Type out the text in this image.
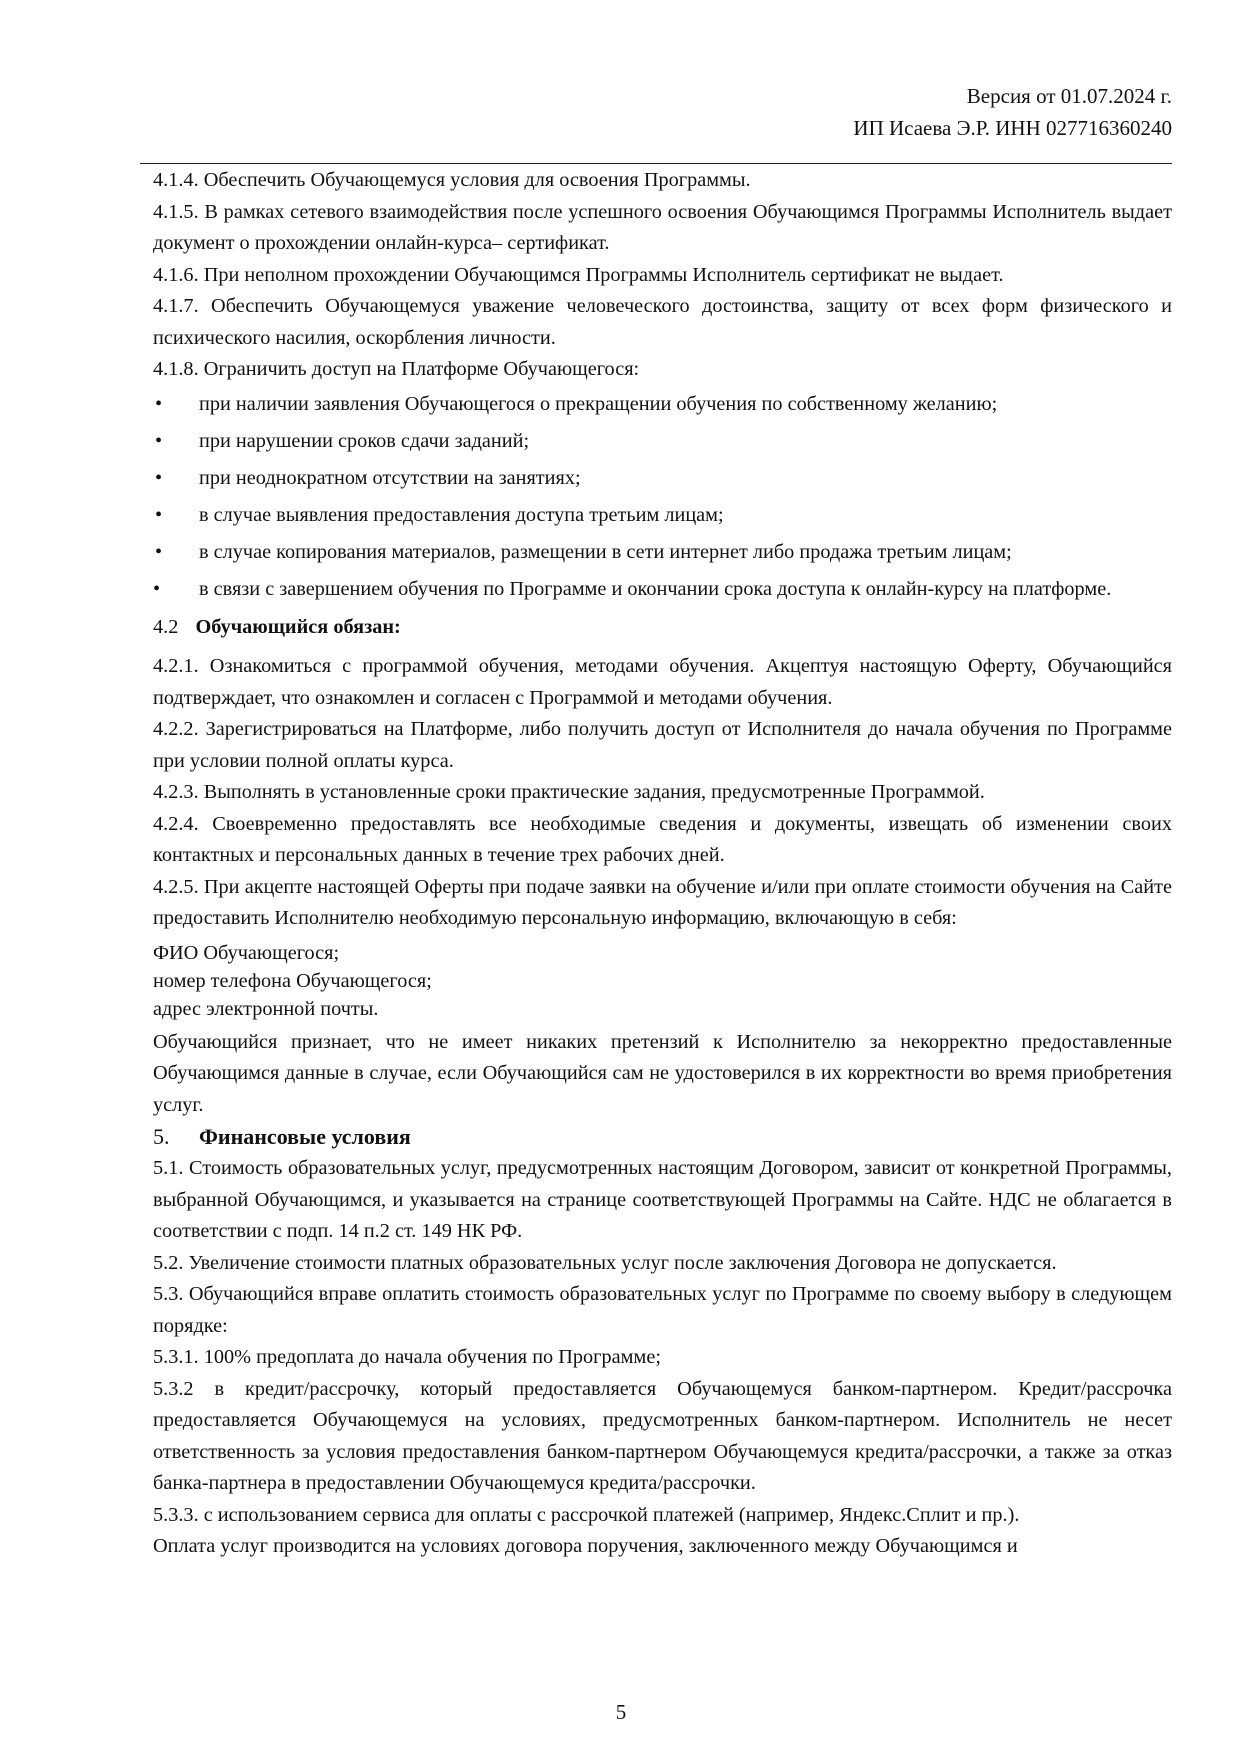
Версия от 01.07.2024 г.
ИП Исаева Э.Р. ИНН 027716360240

4.1.4. Обеспечить Обучающемуся условия для освоения Программы.

4.1.5. В рамках сетевого взаимодействия после успешного освоения Обучающимся Программы Исполнитель выдает документ о прохождении онлайн-курса– сертификат.

4.1.6. При неполном прохождении Обучающимся Программы Исполнитель сертификат не выдает.

4.1.7. Обеспечить Обучающемуся уважение человеческого достоинства, защиту от всех форм физического и психического насилия, оскорбления личности.

4.1.8. Ограничить доступ на Платформе Обучающегося:

• при наличии заявления Обучающегося о прекращении обучения по собственному желанию;
• при нарушении сроков сдачи заданий;
• при неоднократном отсутствии на занятиях;
• в случае выявления предоставления доступа третьим лицам;
• в случае копирования материалов, размещении в сети интернет либо продажа третьим лицам;
• в связи с завершением обучения по Программе и окончании срока доступа к онлайн-курсу на платформе.

4.2 Обучающийся обязан:

4.2.1. Ознакомиться с программой обучения, методами обучения. Акцептуя настоящую Оферту, Обучающийся подтверждает, что ознакомлен и согласен с Программой и методами обучения.

4.2.2. Зарегистрироваться на Платформе, либо получить доступ от Исполнителя до начала обучения по Программе при условии полной оплаты курса.

4.2.3. Выполнять в установленные сроки практические задания, предусмотренные Программой.

4.2.4. Своевременно предоставлять все необходимые сведения и документы, извещать об изменении своих контактных и персональных данных в течение трех рабочих дней.

4.2.5. При акцепте настоящей Оферты при подаче заявки на обучение и/или при оплате стоимости обучения на Сайте предоставить Исполнителю необходимую персональную информацию, включающую в себя:

ФИО Обучающегося;

номер телефона Обучающегося;

адрес электронной почты.

Обучающийся признает, что не имеет никаких претензий к Исполнителю за некорректно предоставленные Обучающимся данные в случае, если Обучающийся сам не удостоверился в их корректности во время приобретения услуг.

5. Финансовые условия

5.1. Стоимость образовательных услуг, предусмотренных настоящим Договором, зависит от конкретной Программы, выбранной Обучающимся, и указывается на странице соответствующей Программы на Сайте. НДС не облагается в соответствии с подп. 14 п.2 ст. 149 НК РФ.

5.2. Увеличение стоимости платных образовательных услуг после заключения Договора не допускается.

5.3. Обучающийся вправе оплатить стоимость образовательных услуг по Программе по своему выбору в следующем порядке:

5.3.1. 100% предоплата до начала обучения по Программе;

5.3.2 в кредит/рассрочку, который предоставляется Обучающемуся банком-партнером. Кредит/рассрочка предоставляется Обучающемуся на условиях, предусмотренных банком-партнером. Исполнитель не несет ответственность за условия предоставления банком-партнером Обучающемуся кредита/рассрочки, а также за отказ банка-партнера в предоставлении Обучающемуся кредита/рассрочки.

5.3.3. с использованием сервиса для оплаты с рассрочкой платежей (например, Яндекс.Сплит и пр.).

Оплата услуг производится на условиях договора поручения, заключенного между Обучающимся и

5
